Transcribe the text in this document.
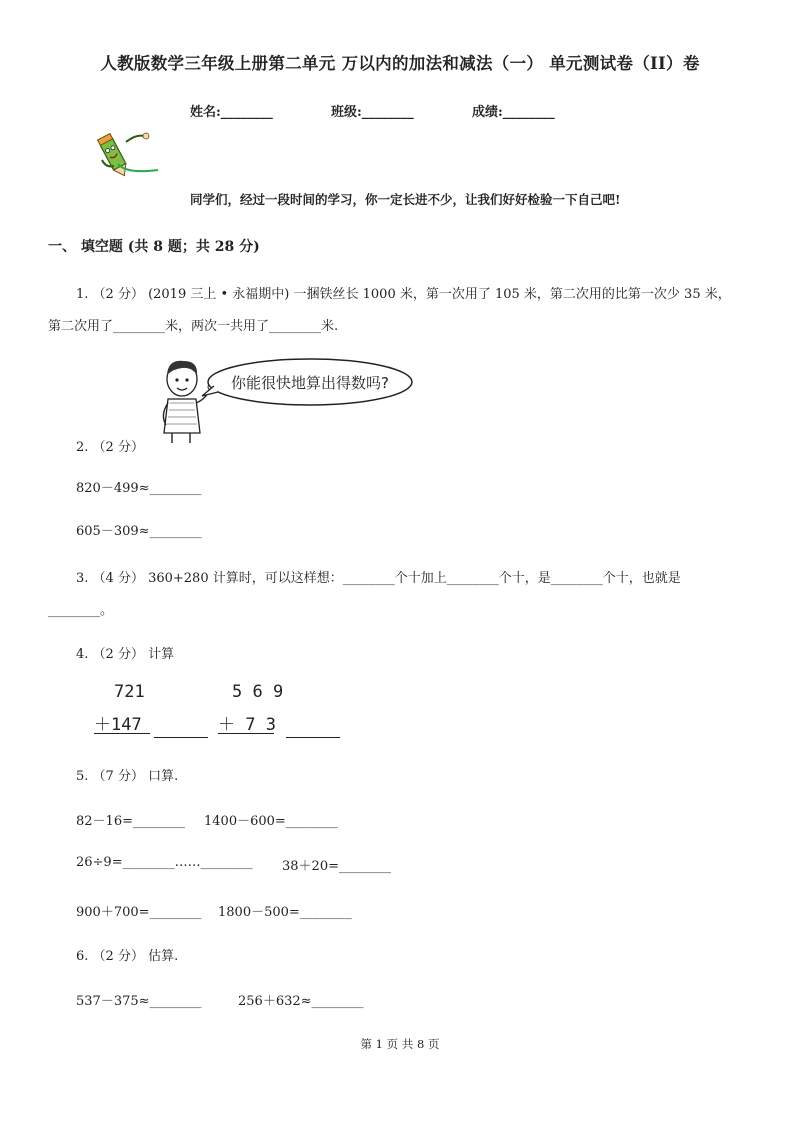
人教版数学三年级上册第二单元 万以内的加法和减法（一） 单元测试卷（II）卷
姓名:________	班级:________	成绩:________
同学们，经过一段时间的学习，你一定长进不少，让我们好好检验一下自己吧!
一、 填空题 (共 8 题；共 28 分)
1. （2 分） (2019 三上 • 永福期中) 一捆铁丝长 1000 米，第一次用了 105 米，第二次用的比第一次少 35 米，
第二次用了________米，两次一共用了________米.
你能很快地算出得数吗?
2. （2 分）
820－499≈________
605－309≈________
3. （4 分） 360+280 计算时，可以这样想：________个十加上________个十，是________个十，也就是
________。
4. （2 分） 计算
721
＋147
5 6 9
＋ 7 3
5. （7 分） 口算.
82－16=________ 1400－600=________
26÷9=________……________ 38＋20=________
900＋700=________ 1800－500=________
6. （2 分） 估算.
537－375≈________	256＋632≈________
第 1 页 共 8 页
